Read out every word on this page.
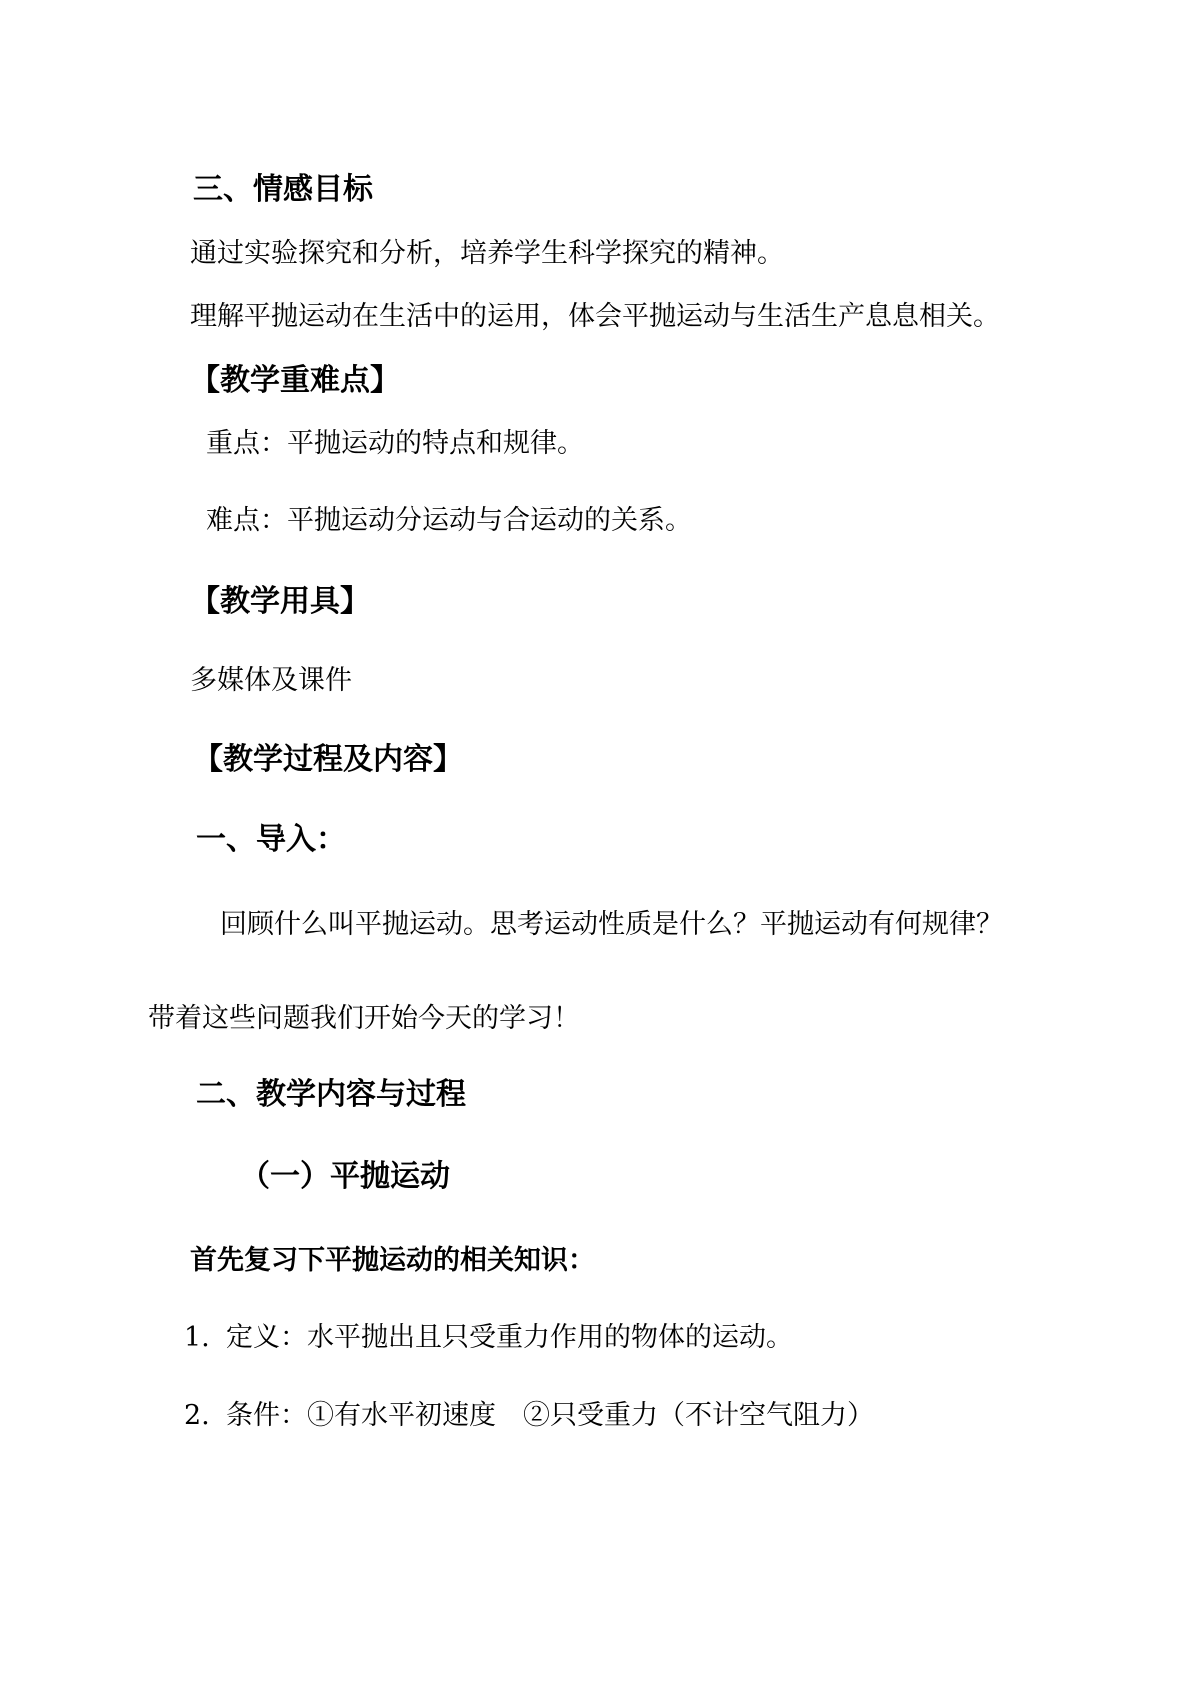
三、情感目标
通过实验探究和分析，培养学生科学探究的精神。
理解平抛运动在生活中的运用，体会平抛运动与生活生产息息相关。
【教学重难点】
重点：平抛运动的特点和规律。
难点：平抛运动分运动与合运动的关系。
【教学用具】
多媒体及课件
【教学过程及内容】
一、导入：
回顾什么叫平抛运动。思考运动性质是什么？平抛运动有何规律？
带着这些问题我们开始今天的学习！
二、教学内容与过程
（一）平抛运动
首先复习下平抛运动的相关知识：
1. 定义：水平抛出且只受重力作用的物体的运动。
2. 条件：①有水平初速度　②只受重力（不计空气阻力）
